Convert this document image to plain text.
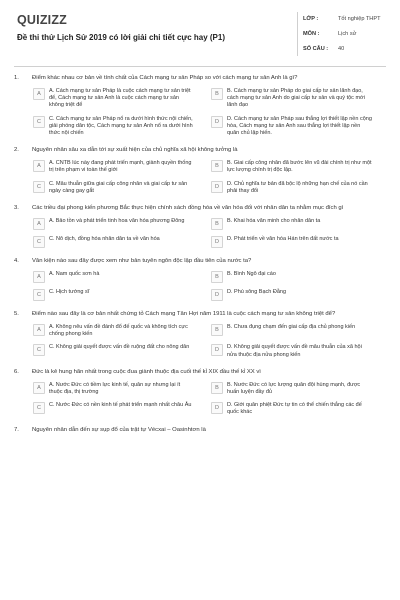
QUIZIZZ
Đề thi thử Lịch Sử 2019 có lời giải chi tiết cực hay (P1)
LỚP :	Tốt nghiệp THPT
MÔN :	Lịch sử
SỐ CÂU :	40
1.	Điểm khác nhau cơ bản về tính chất của Cách mạng tư sản Pháp so với cách mạng tư sản Anh là gì?
A	A. Cách mạng tư sản Pháp là cuộc cách mạng tư sản triệt để, Cách mạng tư sản Anh là cuộc cách mạng tư sản không triệt để
B	B. Cách mạng tư sản Pháp do giai cấp tư sản lãnh đạo, cách mạng tư sản Anh do giai cấp tư sản và quý tộc mới lãnh đạo
C	C. Cách mạng tư sản Pháp nổ ra dưới hình thức nội chiến, giải phóng dân tộc, Cách mạng tư sản Anh nổ ra dưới hình thức nội chiến
D	D. Cách mạng tư sản Pháp sau thắng lợi thiết lập nền cộng hòa, Cách mạng tư sản Anh sau thắng lợi thiết lập nền quân chủ lập hiến.
2.	Nguyên nhân sâu xa dẫn tới sự xuất hiện của chủ nghĩa xã hội không tưởng là
A	A. CNTB lúc này đang phát triển mạnh, giành quyền thống trị trên phạm vi toàn thế giới
B	B. Giai cấp công nhân đã bước lên vũ đài chính trị như một lực lượng chính trị độc lập.
C	C. Mâu thuẫn giữa giai cấp công nhân và giai cấp tư sản ngày càng gay gắt
D	D. Chủ nghĩa tư bản đã bộc lộ những hạn chế của nó cần phải thay đổi
3.	Các triều đại phong kiến phương Bắc thực hiện chính sách đồng hóa về văn hóa đối với nhân dân ta nhằm mục đích gì
A	A. Bảo tồn và phát triển tinh hoa văn hóa phương Đông	B	B. Khai hóa văn minh cho nhân dân ta
C	C. Nô dịch, đồng hóa nhân dân ta về văn hóa	D	D. Phát triển về văn hóa Hán trên đất nước ta
4.	Văn kiện nào sau đây được xem như bản tuyên ngôn độc lập đầu tiên của nước ta?
A	A. Nam quốc sơn hà	B	B. Bình Ngô đại cáo
C	C. Hịch tướng sĩ	D	D. Phú sông Bạch Đằng
5.	Điểm nào sau đây là cơ bản nhất chứng tỏ Cách mạng Tân Hợi năm 1911 là cuộc cách mạng tư sản không triệt để?
A	A. Không nêu vấn đề đánh đổ đế quốc và không tích cực chống phong kiến
B	B. Chưa đụng chạm đến giai cấp địa chủ phong kiến
C	C. Không giải quyết được vấn đề ruộng đất cho nông dân	D	D. Không giải quyết được vấn đề mâu thuẫn của xã hội nửa thuộc địa nửa phong kiến
6.	Đức là kẻ hung hãn nhất trong cuộc đua giành thuộc địa cuối thế kỉ XIX đầu thế kỉ XX vì
A	A. Nước Đức có tiềm lực kinh tế, quân sự nhưng lại ít thuộc địa, thị trường
B	B. Nước Đức có lực lượng quân đội hùng mạnh, được huấn luyện đầy đủ
C	C. Nước Đức có nền kinh tế phát triển mạnh nhất châu Âu	D	D. Giới quân phiệt Đức tự tin có thể chiến thắng các đế quốc khác
7.	Nguyên nhân dẫn đến sự sụp đổ của trật tự Vécxai – Oasinhtơn là
